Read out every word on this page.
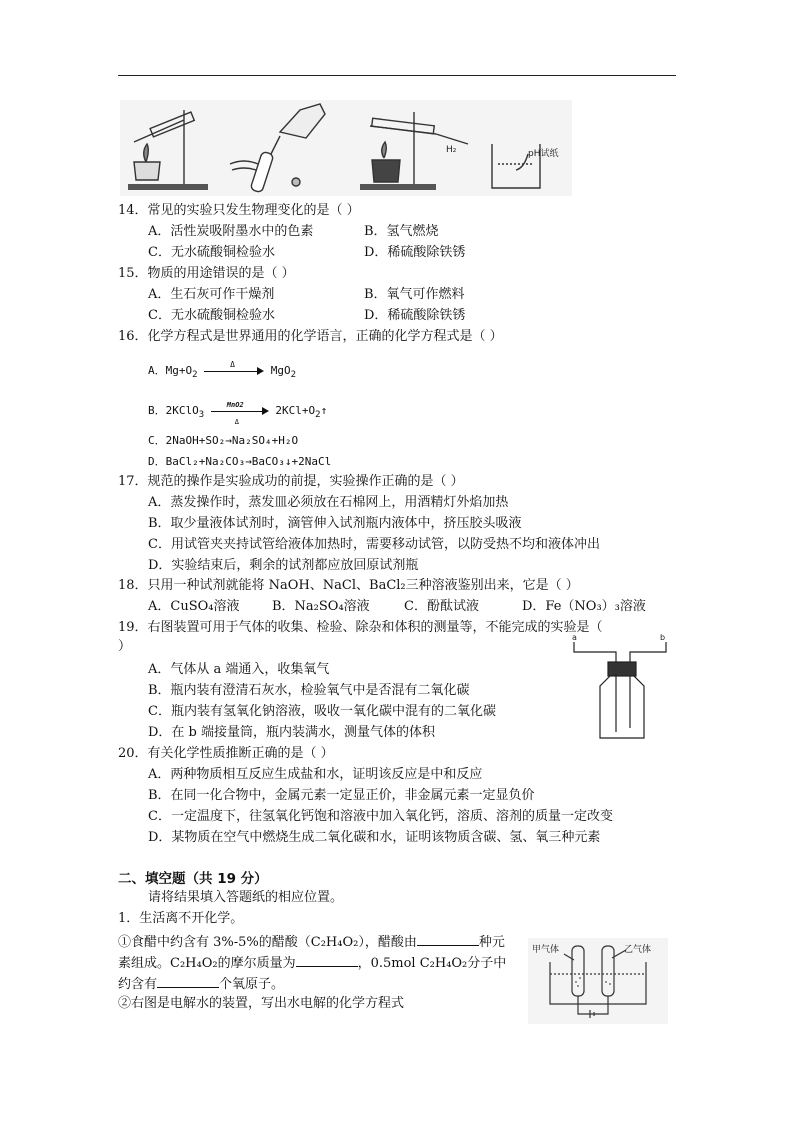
H₂	pH试纸
14．常见的实验只发生物理变化的是（ ）
A．活性炭吸附墨水中的色素	B．氢气燃烧
C．无水硫酸铜检验水	D．稀硫酸除铁锈
15．物质的用途错误的是（ ）
A．生石灰可作干燥剂	B．氧气可作燃料
C．无水硫酸铜检验水	D．稀硫酸除铁锈
16．化学方程式是世界通用的化学语言，正确的化学方程式是（ ）
A．$Mg+O_2$
Δ	MgO$_2$
B．2KClO$_3$
MnO2
Δ
$2KCl+O_2↑$
C．2NaOH+SO₂→Na₂SO₄+H₂O
D．BaCl₂+Na₂CO₃→BaCO₃↓+2NaCl
17．规范的操作是实验成功的前提，实验操作正确的是（ ）
A．蒸发操作时，蒸发皿必须放在石棉网上，用酒精灯外焰加热
B．取少量液体试剂时，滴管伸入试剂瓶内液体中，挤压胶头吸液
C．用试管夹夹持试管给液体加热时，需要移动试管，以防受热不均和液体冲出
D．实验结束后，剩余的试剂都应放回原试剂瓶
18．只用一种试剂就能将 NaOH、NaCl、BaCl₂三种溶液鉴别出来，它是（ ）
A．CuSO₄溶液	B．Na₂SO₄溶液	C．酚酞试液	D．Fe（NO₃）₃溶液
19．右图装置可用于气体的收集、检验、除杂和体积的测量等，不能完成的实验是（
）
A．气体从 a 端通入，收集氧气
B．瓶内装有澄清石灰水，检验氧气中是否混有二氧化碳
C．瓶内装有氢氧化钠溶液，吸收一氧化碳中混有的二氧化碳
D．在 b 端接量筒，瓶内装满水，测量气体的体积
a	b
20．有关化学性质推断正确的是（ ）
A．两种物质相互反应生成盐和水，证明该反应是中和反应
B．在同一化合物中，金属元素一定显正价，非金属元素一定显负价
C．一定温度下，往氢氧化钙饱和溶液中加入氧化钙，溶质、溶剂的质量一定改变
D．某物质在空气中燃烧生成二氧化碳和水，证明该物质含碳、氢、氧三种元素
二、填空题（共 19 分）
请将结果填入答题纸的相应位置。
1．生活离不开化学。
①食醋中约含有 3%-5%的醋酸（C₂H₄O₂），醋酸由	种元
素组成。C₂H₄O₂的摩尔质量为	，0.5mol C₂H₄O₂分子中
约含有	个氧原子。
②右图是电解水的装置，写出水电解的化学方程式
甲气体	乙气体
